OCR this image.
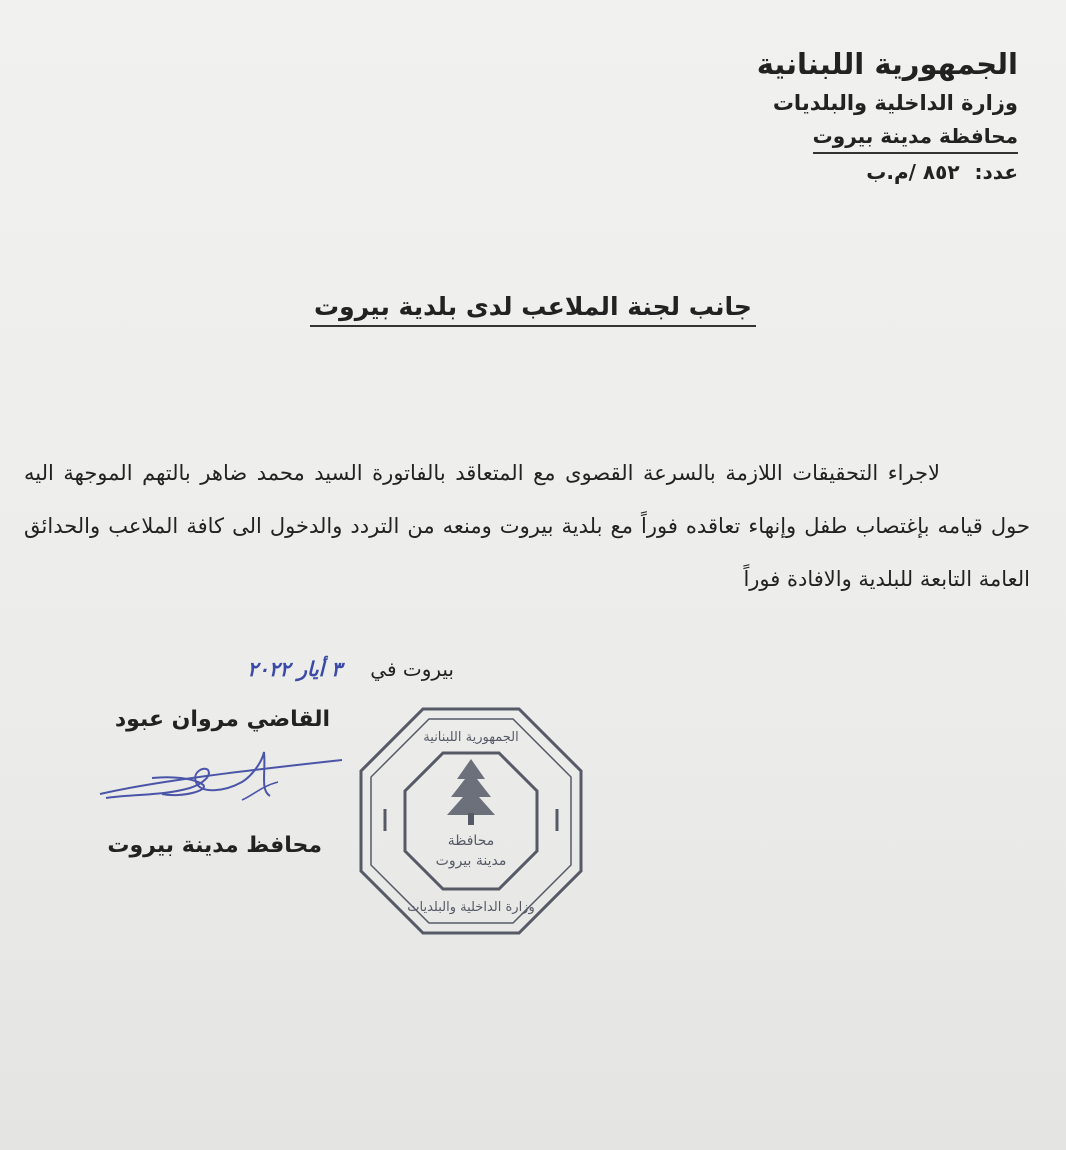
الجمهورية اللبنانية

وزارة الداخلية والبلديات

محافظة مدينة بيروت

عدد: ٨٥٢ /م.ب

جانب لجنة الملاعب لدى بلدية بيروت

لاجراء التحقيقات اللازمة بالسرعة القصوى مع المتعاقد بالفاتورة السيد محمد ضاهر بالتهم الموجهة اليه حول قيامه بإغتصاب طفل وإنهاء تعاقده فوراً مع بلدية بيروت ومنعه من التردد والدخول الى كافة الملاعب والحدائق العامة التابعة للبلدية والافادة فوراً

بيروت في ٣ أيار ٢٠٢٢
القاضي مروان عبود
محافظ مدينة بيروت	محافظة
مدينة بيروت
الجمهورية اللبنانية
وزارة الداخلية والبلديات
